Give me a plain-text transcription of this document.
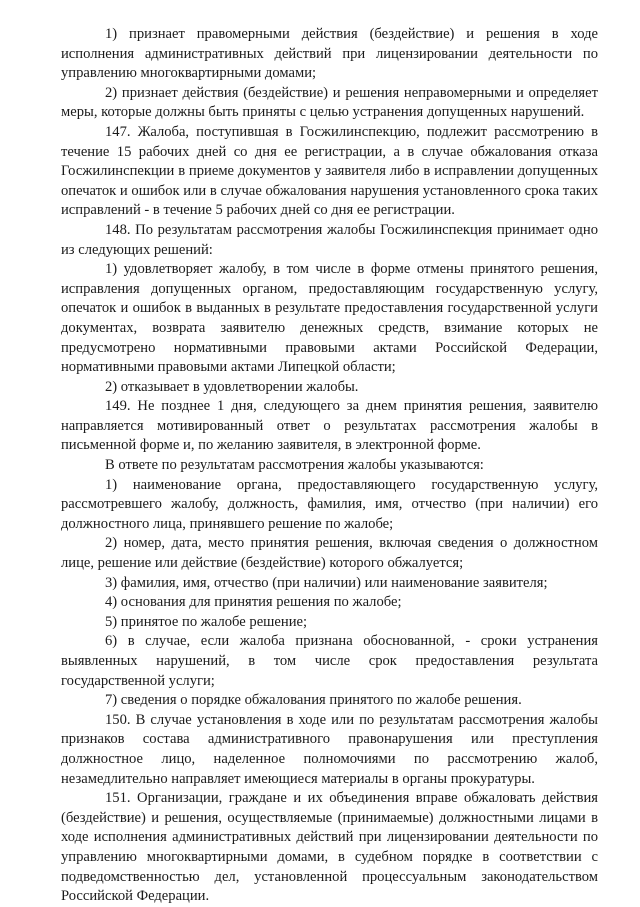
1) признает правомерными действия (бездействие) и решения в ходе исполнения административных действий при лицензировании деятельности по управлению многоквартирными домами;

2) признает действия (бездействие) и решения неправомерными и определяет меры, которые должны быть приняты с целью устранения допущенных нарушений.

147. Жалоба, поступившая в Госжилинспекцию, подлежит рассмотрению в течение 15 рабочих дней со дня ее регистрации, а в случае обжалования отказа Госжилинспекции в приеме документов у заявителя либо в исправлении допущенных опечаток и ошибок или в случае обжалования нарушения установленного срока таких исправлений - в течение 5 рабочих дней со дня ее регистрации.

148. По результатам рассмотрения жалобы Госжилинспекция принимает одно из следующих решений:

1) удовлетворяет жалобу, в том числе в форме отмены принятого решения, исправления допущенных органом, предоставляющим государственную услугу, опечаток и ошибок в выданных в результате предоставления государственной услуги документах, возврата заявителю денежных средств, взимание которых не предусмотрено нормативными правовыми актами Российской Федерации, нормативными правовыми актами Липецкой области;

2) отказывает в удовлетворении жалобы.

149. Не позднее 1 дня, следующего за днем принятия решения, заявителю направляется мотивированный ответ о результатах рассмотрения жалобы в письменной форме и, по желанию заявителя, в электронной форме.

В ответе по результатам рассмотрения жалобы указываются:

1) наименование органа, предоставляющего государственную услугу, рассмотревшего жалобу, должность, фамилия, имя, отчество (при наличии) его должностного лица, принявшего решение по жалобе;

2) номер, дата, место принятия решения, включая сведения о должностном лице, решение или действие (бездействие) которого обжалуется;

3) фамилия, имя, отчество (при наличии) или наименование заявителя;

4) основания для принятия решения по жалобе;

5) принятое по жалобе решение;

6) в случае, если жалоба признана обоснованной, - сроки устранения выявленных нарушений, в том числе срок предоставления результата государственной услуги;

7) сведения о порядке обжалования принятого по жалобе решения.

150. В случае установления в ходе или по результатам рассмотрения жалобы признаков состава административного правонарушения или преступления должностное лицо, наделенное полномочиями по рассмотрению жалоб, незамедлительно направляет имеющиеся материалы в органы прокуратуры.

151. Организации, граждане и их объединения вправе обжаловать действия (бездействие) и решения, осуществляемые (принимаемые) должностными лицами в ходе исполнения административных действий при лицензировании деятельности по управлению многоквартирными домами, в судебном порядке в соответствии с подведомственностью дел, установленной процессуальным законодательством Российской Федерации.
